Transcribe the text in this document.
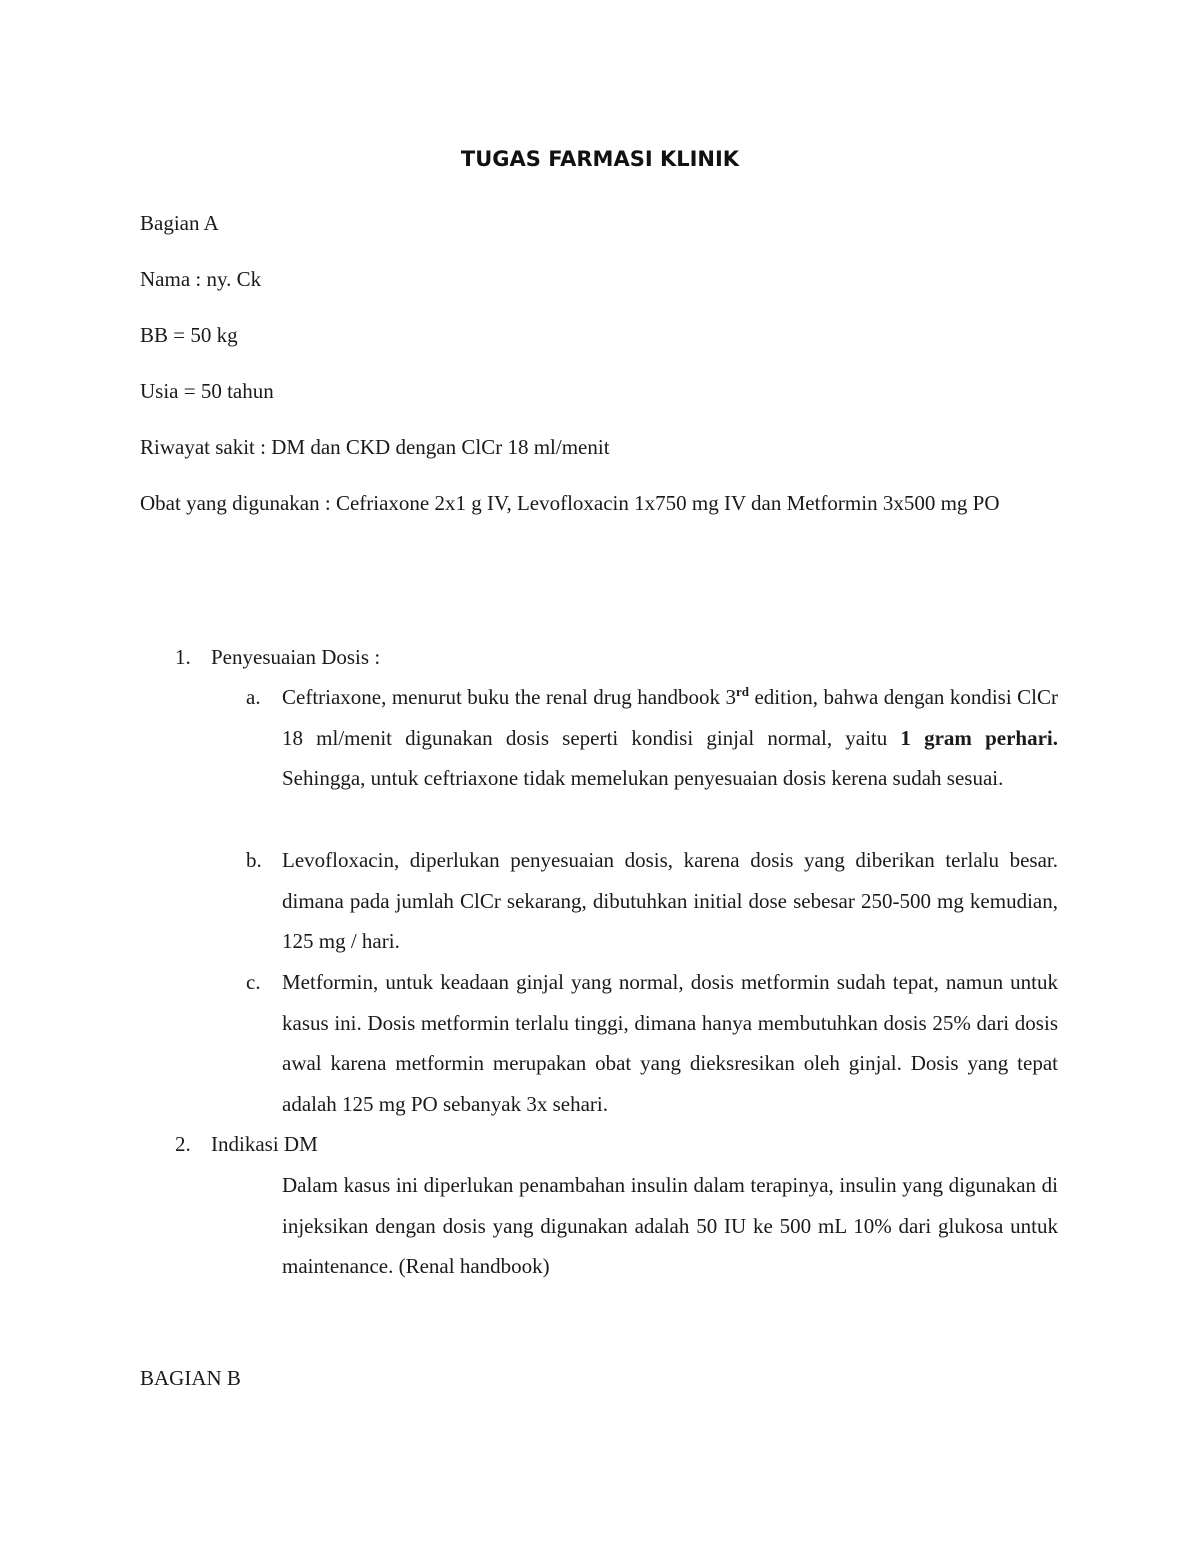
TUGAS FARMASI KLINIK
Bagian A
Nama : ny. Ck
BB = 50 kg
Usia = 50 tahun
Riwayat sakit : DM dan CKD dengan ClCr 18 ml/menit
Obat yang digunakan : Cefriaxone 2x1 g IV, Levofloxacin 1x750 mg IV dan Metformin 3x500 mg PO
1. Penyesuaian Dosis :
a. Ceftriaxone, menurut buku the renal drug handbook 3rd edition, bahwa dengan kondisi ClCr 18 ml/menit digunakan dosis seperti kondisi ginjal normal, yaitu 1 gram perhari. Sehingga, untuk ceftriaxone tidak memelukan penyesuaian dosis kerena sudah sesuai.
b. Levofloxacin, diperlukan penyesuaian dosis, karena dosis yang diberikan terlalu besar. dimana pada jumlah ClCr sekarang, dibutuhkan initial dose sebesar 250-500 mg kemudian, 125 mg / hari.
c. Metformin, untuk keadaan ginjal yang normal, dosis metformin sudah tepat, namun untuk kasus ini. Dosis metformin terlalu tinggi, dimana hanya membutuhkan dosis 25% dari dosis awal karena metformin merupakan obat yang dieksresikan oleh ginjal. Dosis yang tepat adalah 125 mg PO sebanyak 3x sehari.
2. Indikasi DM
Dalam kasus ini diperlukan penambahan insulin dalam terapinya, insulin yang digunakan di injeksikan dengan dosis yang digunakan adalah 50 IU ke 500 mL 10% dari glukosa untuk maintenance. (Renal handbook)
BAGIAN B
